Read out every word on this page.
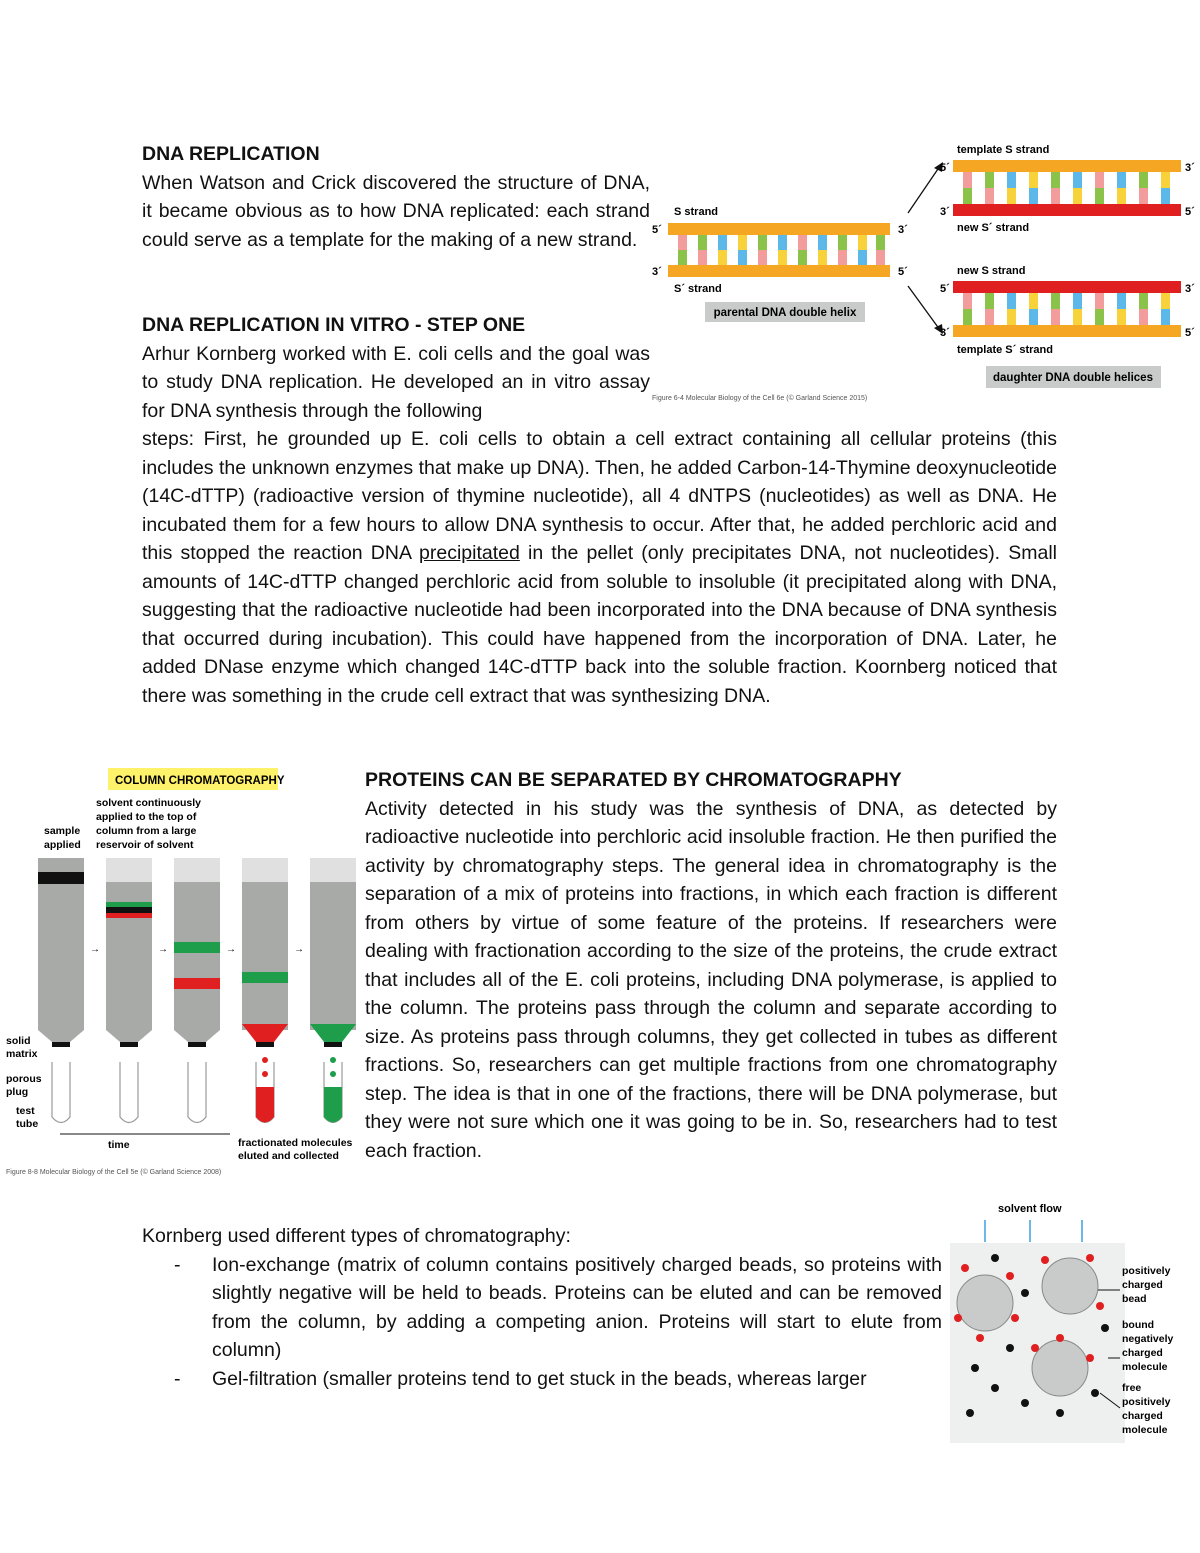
DNA REPLICATION

When Watson and Crick discovered the structure of DNA, it became obvious as to how DNA replicated: each strand could serve as a template for the making of a new strand.

DNA REPLICATION IN VITRO - STEP ONE

Arhur Kornberg worked with E. coli cells and the goal was to study DNA replication. He developed an in vitro assay for DNA synthesis through the following

steps: First, he grounded up E. coli cells to obtain a cell extract containing all cellular proteins (this includes the unknown enzymes that make up DNA). Then, he added Carbon-14-Thymine deoxynucleotide (14C-dTTP) (radioactive version of thymine nucleotide), all 4 dNTPS (nucleotides) as well as DNA. He incubated them for a few hours to allow DNA synthesis to occur. After that, he added perchloric acid and this stopped the reaction DNA precipitated in the pellet (only precipitates DNA, not nucleotides). Small amounts of 14C-dTTP changed perchloric acid from soluble to insoluble (it precipitated along with DNA, suggesting that the radioactive nucleotide had been incorporated into the DNA because of DNA synthesis that occurred during incubation). This could have happened from the incorporation of DNA. Later, he added DNase enzyme which changed 14C-dTTP back into the soluble fraction. Koornberg noticed that there was something in the crude cell extract that was synthesizing DNA.

PROTEINS CAN BE SEPARATED BY CHROMATOGRAPHY

Activity detected in his study was the synthesis of DNA, as detected by radioactive nucleotide into perchloric acid insoluble fraction. He then purified the activity by chromatography steps. The general idea in chromatography is the separation of a mix of proteins into fractions, in which each fraction is different from others by virtue of some feature of the proteins. If researchers were dealing with fractionation according to the size of the proteins, the crude extract that includes all of the E. coli proteins, including DNA polymerase, is applied to the column. The proteins pass through the column and separate according to size. As proteins pass through columns, they get collected in tubes as different fractions. So, researchers can get multiple fractions from one chromatography step. The idea is that in one of the fractions, there will be DNA polymerase, but they were not sure which one it was going to be in. So, researchers had to test each fraction.

Kornberg used different types of chromatography:
- Ion-exchange (matrix of column contains positively charged beads, so proteins with slightly negative will be held to beads. Proteins can be eluted and can be removed from the column, by adding a competing anion. Proteins will start to elute from column)
- Gel-filtration (smaller proteins tend to get stuck in the beads, whereas larger
S strand
5´	3´
3´	5´
S´ strand
parental DNA double helix
template S strand
5´	3´
3´	5´
new S´ strand
new S strand
5´	3´
3´	5´
template S´ strand
daughter DNA double helices
Figure 6-4 Molecular Biology of the Cell 6e (© Garland Science 2015)
COLUMN CHROMATOGRAPHY
solvent continuously applied to the top of column from a large reservoir of solvent
sample applied
→	→	→	→
solid matrix
porous plug
test tube
time	fractionated molecules eluted and collected
Figure 8-8 Molecular Biology of the Cell 5e (© Garland Science 2008)
solvent flow
positively charged bead
bound negatively charged molecule
free positively charged molecule
